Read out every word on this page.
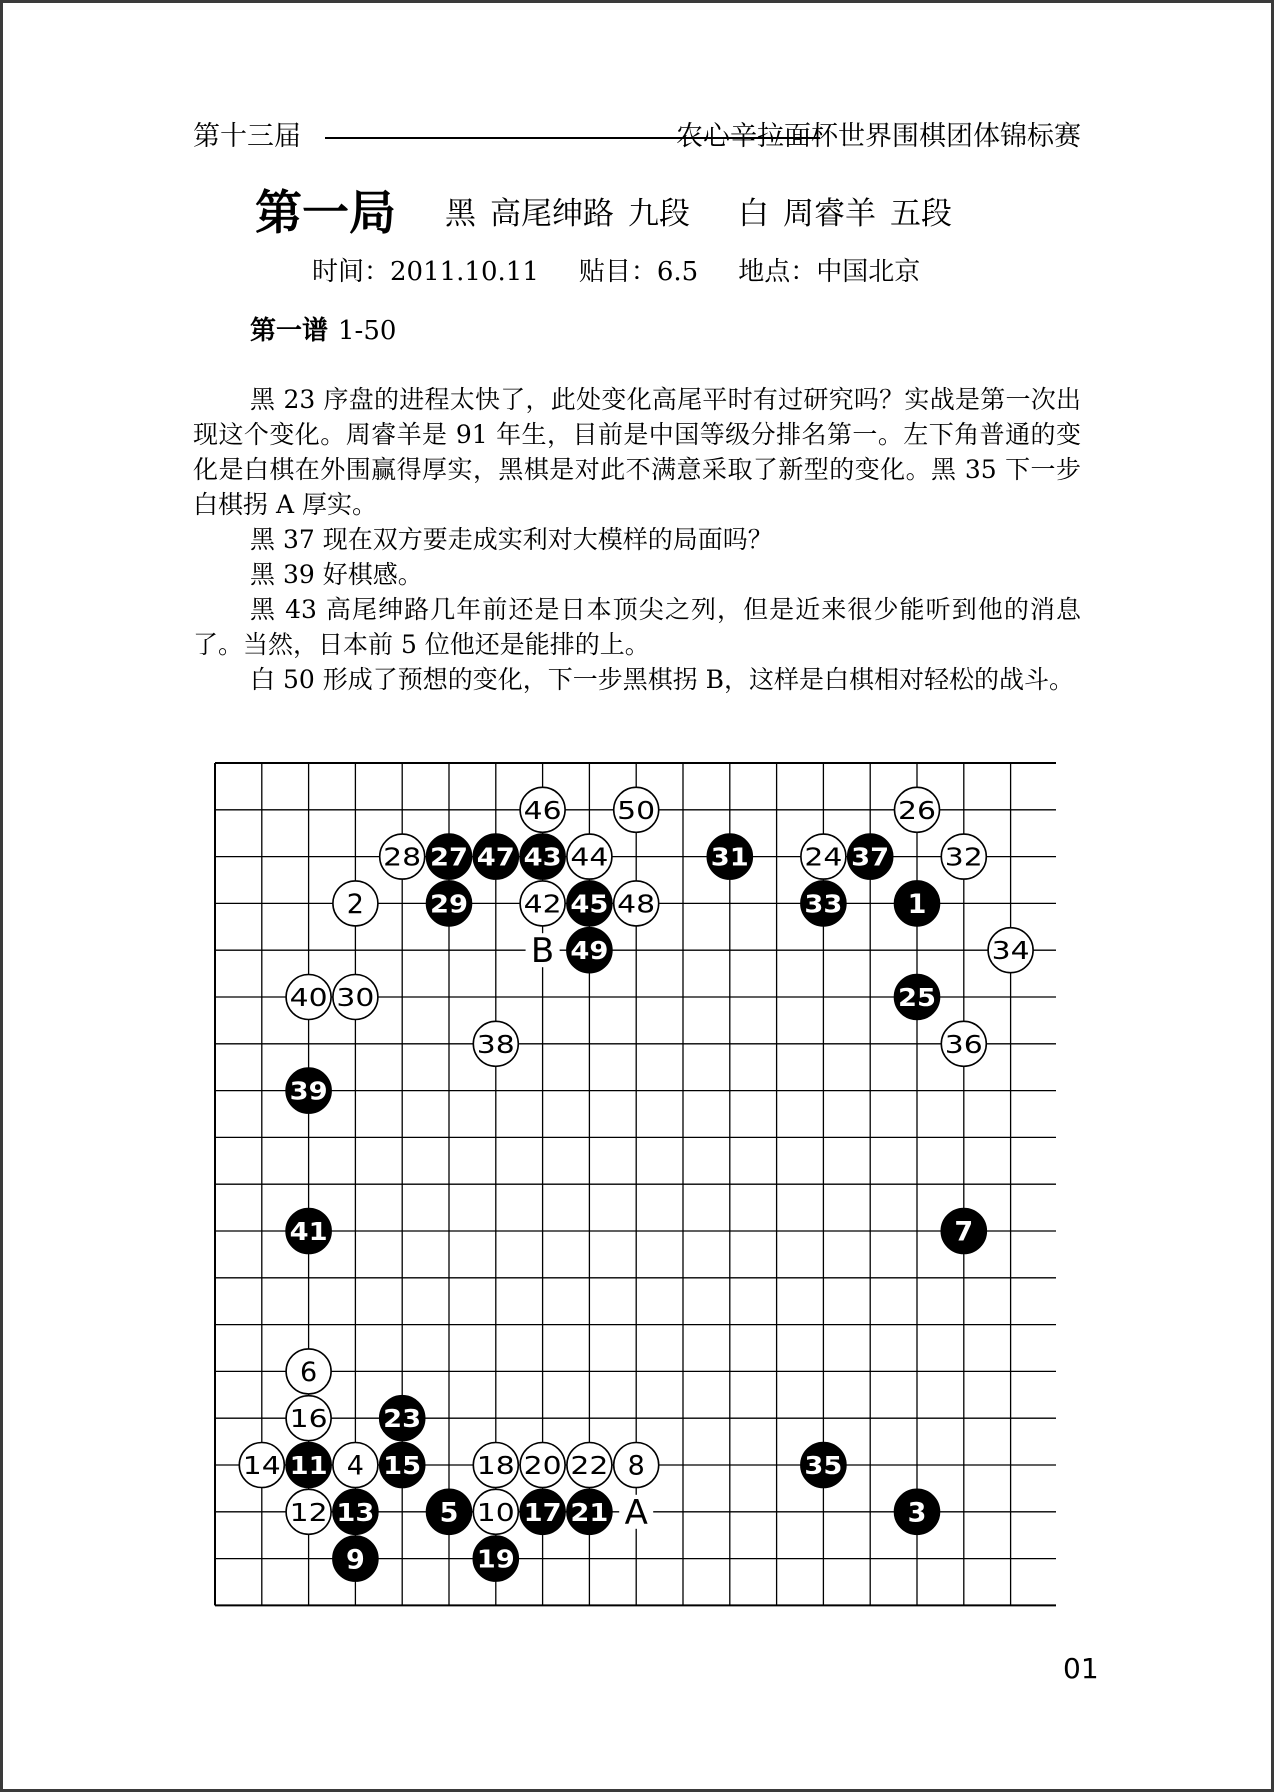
第十三届	农心辛拉面杯世界围棋团体锦标赛
第一局 黑 高尾绅路 九段 白 周睿羊 五段
时间：2011.10.11 贴目：6.5 地点：中国北京
第一谱 1-50

黑 23 序盘的进程太快了，此处变化高尾平时有过研究吗？实战是第一次出现这个变化。周睿羊是 91 年生，目前是中国等级分排名第一。左下角普通的变化是白棋在外围赢得厚实，黑棋是对此不满意采取了新型的变化。黑 35 下一步白棋拐 A 厚实。

黑 37 现在双方要走成实利对大模样的局面吗？

黑 39 好棋感。

黑 43 高尾绅路几年前还是日本顶尖之列，但是近来很少能听到他的消息了。当然，日本前 5 位他还是能排的上。

白 50 形成了预想的变化，下一步黑棋拐 B，这样是白棋相对轻松的战斗。

1
2
3
4
5
6
7
8
9
10
11
12 13
14	15
16
17
18
19
20
21
22
23
24
25
26
27
28
29
30
31	32
33
34
35
36
37
38
39
40
41
42
43 44
45
46
47
48
49
50
A
B
01
